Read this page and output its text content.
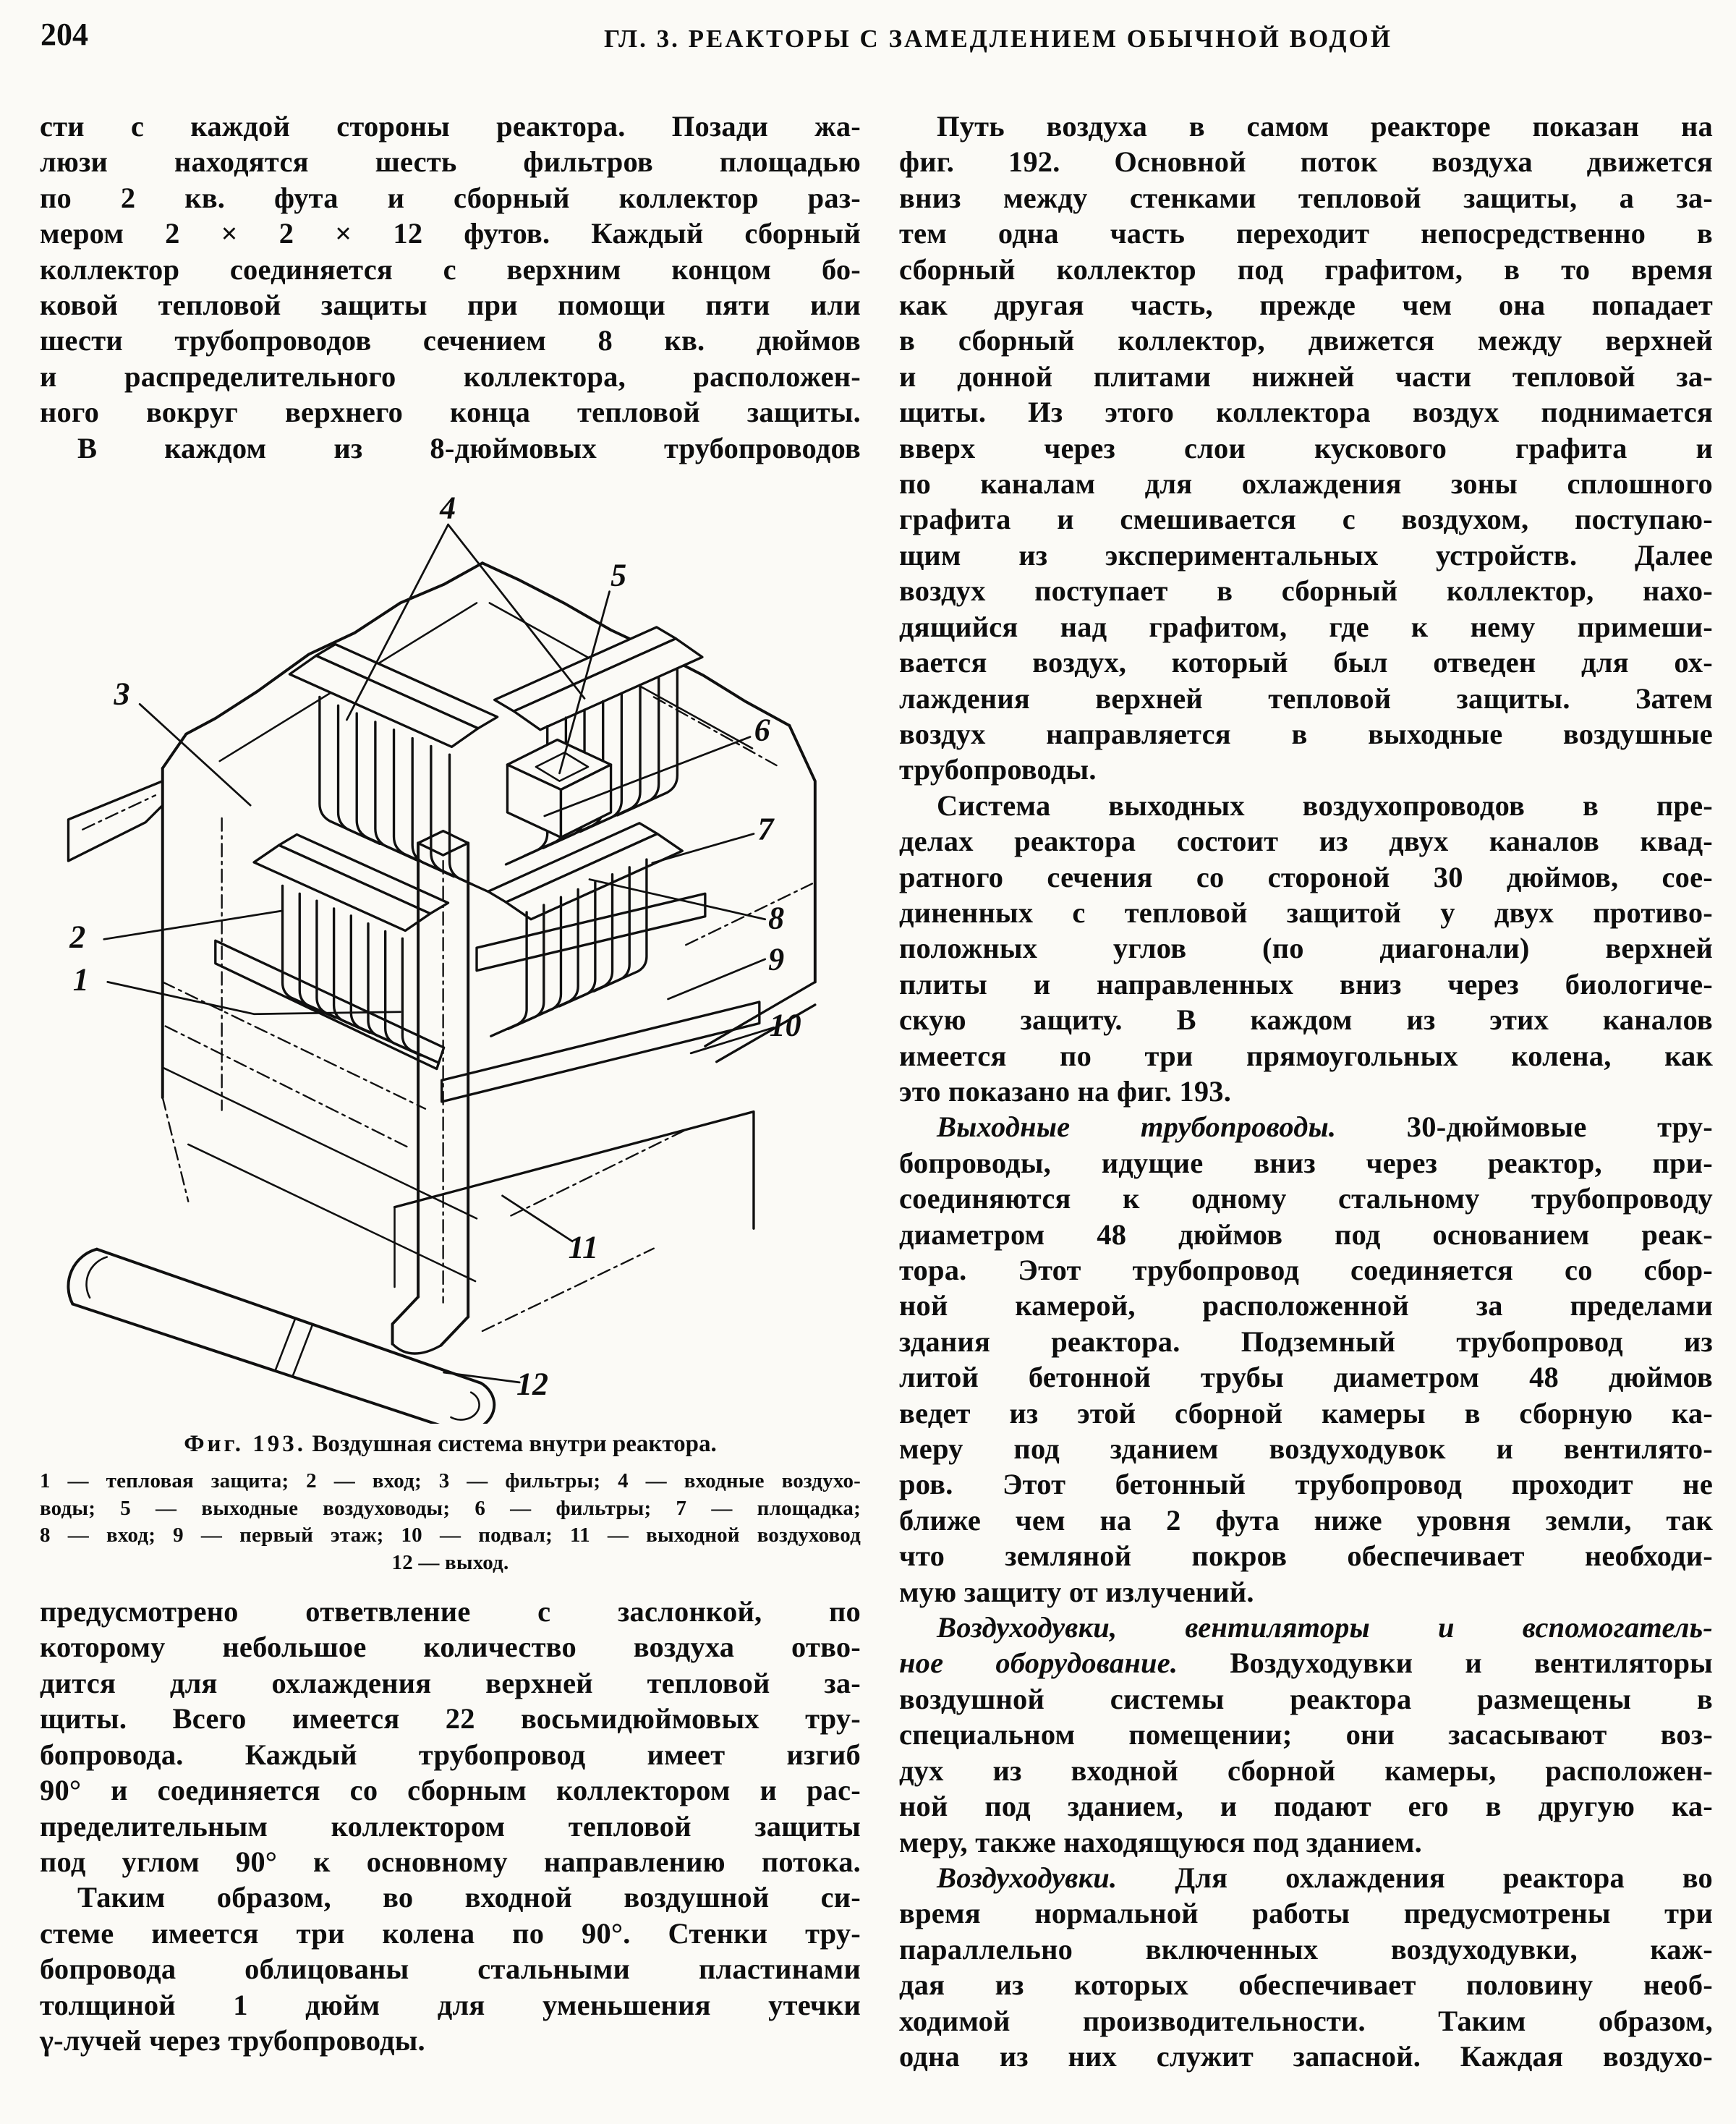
204	ГЛ. 3. РЕАКТОРЫ С ЗАМЕДЛЕНИЕМ ОБЫЧНОЙ ВОДОЙ
сти с каждой стороны реактора. Позади жа-
люзи находятся шесть фильтров площадью
по 2 кв. фута и сборный коллектор раз-
мером 2 × 2 × 12 футов. Каждый сборный
коллектор соединяется с верхним концом бо-
ковой тепловой защиты при помощи пяти или
шести трубопроводов сечением 8 кв. дюймов
и распределительного коллектора, расположен-
ного вокруг верхнего конца тепловой защиты.
В каждом из 8-дюймовых трубопроводов
1
2
3
4
5
6
7
8
9
10
11
12
Фиг. 193. Воздушная система внутри реактора.
1 — тепловая защита; 2 — вход; 3 — фильтры; 4 — входные воздухо-
воды; 5 — выходные воздуховоды; 6 — фильтры; 7 — площадка;
8 — вход; 9 — первый этаж; 10 — подвал; 11 — выходной воздуховод
12 — выход.
предусмотрено ответвление с заслонкой, по
которому небольшое количество воздуха отво-
дится для охлаждения верхней тепловой за-
щиты. Всего имеется 22 восьмидюймовых тру-
бопровода. Каждый трубопровод имеет изгиб
90° и соединяется со сборным коллектором и рас-
пределительным коллектором тепловой защиты
под углом 90° к основному направлению потока.
Таким образом, во входной воздушной си-
стеме имеется три колена по 90°. Стенки тру-
бопровода облицованы стальными пластинами
толщиной 1 дюйм для уменьшения утечки
γ-лучей через трубопроводы.
Путь воздуха в самом реакторе показан на
фиг. 192. Основной поток воздуха движется
вниз между стенками тепловой защиты, а за-
тем одна часть переходит непосредственно в
сборный коллектор под графитом, в то время
как другая часть, прежде чем она попадает
в сборный коллектор, движется между верхней
и донной плитами нижней части тепловой за-
щиты. Из этого коллектора воздух поднимается
вверх через слои кускового графита и
по каналам для охлаждения зоны сплошного
графита и смешивается с воздухом, поступаю-
щим из экспериментальных устройств. Далее
воздух поступает в сборный коллектор, нахо-
дящийся над графитом, где к нему примеши-
вается воздух, который был отведен для ох-
лаждения верхней тепловой защиты. Затем
воздух направляется в выходные воздушные
трубопроводы.
Система выходных воздухопроводов в пре-
делах реактора состоит из двух каналов квад-
ратного сечения со стороной 30 дюймов, сое-
диненных с тепловой защитой у двух противо-
положных углов (по диагонали) верхней
плиты и направленных вниз через биологиче-
скую защиту. В каждом из этих каналов
имеется по три прямоугольных колена, как
это показано на фиг. 193.
Выходные трубопроводы. 30-дюймовые тру-
бопроводы, идущие вниз через реактор, при-
соединяются к одному стальному трубопроводу
диаметром 48 дюймов под основанием реак-
тора. Этот трубопровод соединяется со сбор-
ной камерой, расположенной за пределами
здания реактора. Подземный трубопровод из
литой бетонной трубы диаметром 48 дюймов
ведет из этой сборной камеры в сборную ка-
меру под зданием воздуходувок и вентилято-
ров. Этот бетонный трубопровод проходит не
ближе чем на 2 фута ниже уровня земли, так
что земляной покров обеспечивает необходи-
мую защиту от излучений.
Воздуходувки, вентиляторы и вспомогатель-
ное оборудование. Воздуходувки и вентиляторы
воздушной системы реактора размещены в
специальном помещении; они засасывают воз-
дух из входной сборной камеры, расположен-
ной под зданием, и подают его в другую ка-
меру, также находящуюся под зданием.
Воздуходувки. Для охлаждения реактора во
время нормальной работы предусмотрены три
параллельно включенных воздуходувки, каж-
дая из которых обеспечивает половину необ-
ходимой производительности. Таким образом,
одна из них служит запасной. Каждая воздухо-
